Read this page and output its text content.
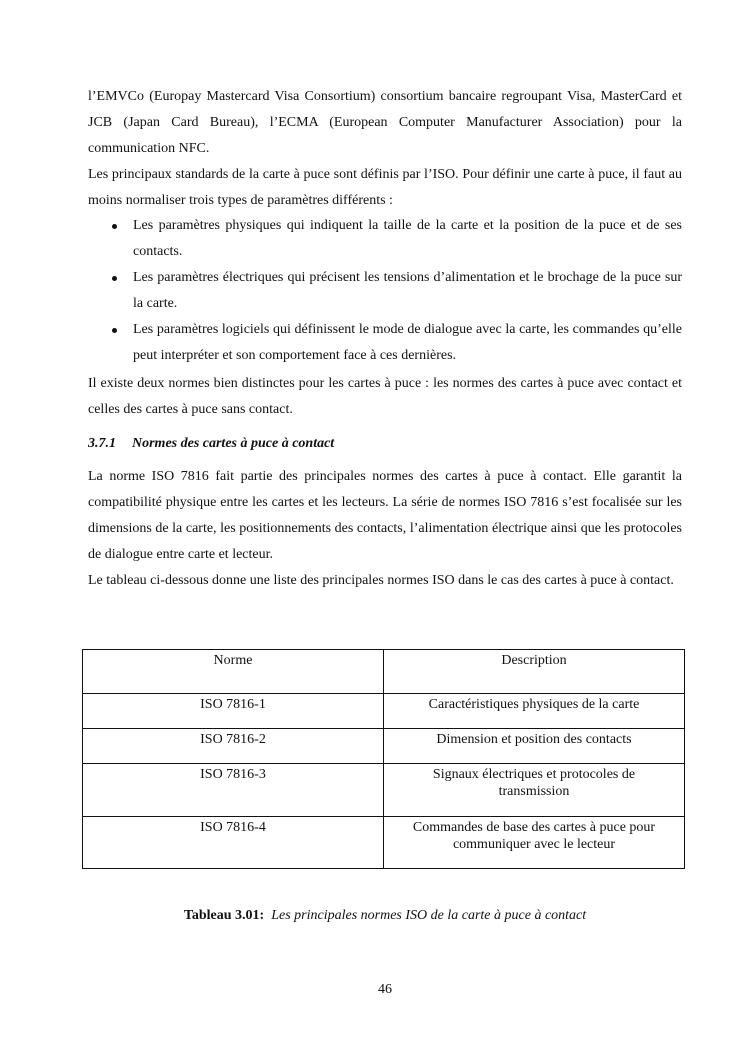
l’EMVCo (Europay Mastercard Visa Consortium) consortium bancaire regroupant Visa, MasterCard et JCB (Japan Card Bureau), l’ECMA (European Computer Manufacturer Association) pour la communication NFC.

Les principaux standards de la carte à puce sont définis par l’ISO. Pour définir une carte à puce, il faut au moins normaliser trois types de paramètres différents :

Les paramètres physiques qui indiquent la taille de la carte et la position de la puce et de ses contacts.
Les paramètres électriques qui précisent les tensions d’alimentation et le brochage de la puce sur la carte.
Les paramètres logiciels qui définissent le mode de dialogue avec la carte, les commandes qu’elle peut interpréter et son comportement face à ces dernières.

Il existe deux normes bien distinctes pour les cartes à puce : les normes des cartes à puce avec contact et celles des cartes à puce sans contact.

3.7.1 Normes des cartes à puce à contact

La norme ISO 7816 fait partie des principales normes des cartes à puce à contact. Elle garantit la compatibilité physique entre les cartes et les lecteurs. La série de normes ISO 7816 s’est focalisée sur les dimensions de la carte, les positionnements des contacts, l’alimentation électrique ainsi que les protocoles de dialogue entre carte et lecteur.

Le tableau ci-dessous donne une liste des principales normes ISO dans le cas des cartes à puce à contact.

Norme	Description
ISO 7816-1	Caractéristiques physiques de la carte
ISO 7816-2	Dimension et position des contacts
ISO 7816-3	Signaux électriques et protocoles de transmission
ISO 7816-4	Commandes de base des cartes à puce pour communiquer avec le lecteur
Tableau 3.01: Les principales normes ISO de la carte à puce à contact
46
